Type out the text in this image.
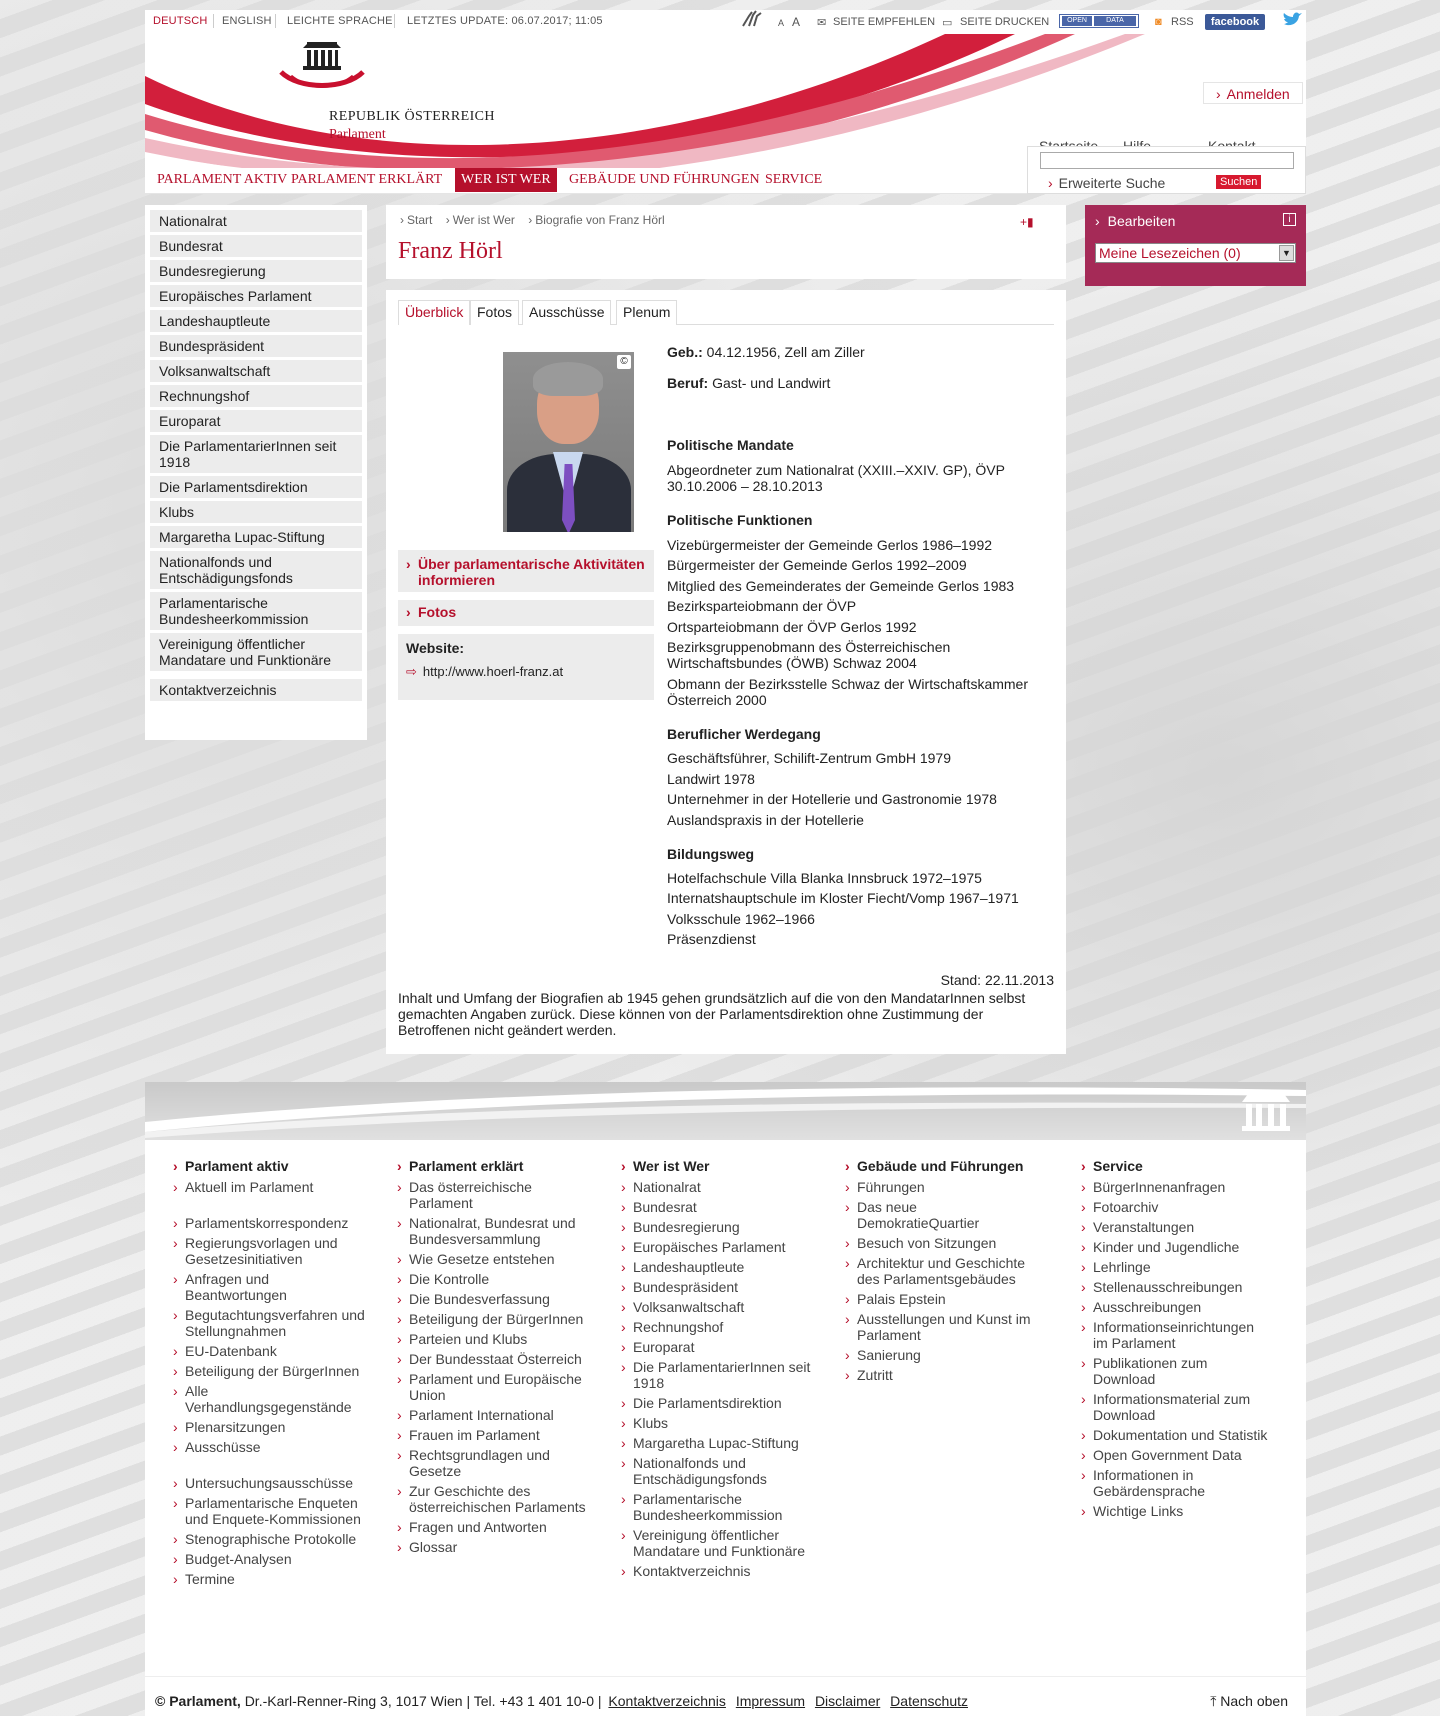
DEUTSCH ENGLISH LEICHTE SPRACHE LETZTES UPDATE: 06.07.2017; 11:05	A A ✉ SEITE EMPFEHLEN ▭ SEITE DRUCKEN	OPEN	DATA	◙ RSS	facebook
REPUBLIK ÖSTERREICH
Parlament
› Anmelden
PARLAMENT AKTIV PARLAMENT ERKLÄRT	WER IST WER	GEBÄUDE UND FÜHRUNGEN SERVICE	› Erweiterte Suche	Suchen
Nationalrat
Bundesrat
Bundesregierung
Europäisches Parlament
Landeshauptleute
Bundespräsident
Volksanwaltschaft
Rechnungshof
Europarat
Die ParlamentarierInnen seit 1918
Die Parlamentsdirektion
Klubs
Margaretha Lupac-Stiftung
Nationalfonds und Entschädigungsfonds
Parlamentarische Bundesheerkommission
Vereinigung öffentlicher Mandatare und Funktionäre
Kontaktverzeichnis
› Start › Wer ist Wer › Biografie von Franz Hörl	+▮
Franz Hörl
Überblick Fotos	Ausschüsse	Plenum
©
› Über parlamentarische Aktivitäten informieren
› Fotos
Website:
⇨ http://www.hoerl-franz.at
Geb.: 04.12.1956, Zell am Ziller
Beruf: Gast- und Landwirt
Politische Mandate
Abgeordneter zum Nationalrat (XXIII.–XXIV. GP), ÖVP 30.10.2006 – 28.10.2013
Politische Funktionen
Vizebürgermeister der Gemeinde Gerlos 1986–1992
Bürgermeister der Gemeinde Gerlos 1992–2009
Mitglied des Gemeinderates der Gemeinde Gerlos 1983
Bezirksparteiobmann der ÖVP
Ortsparteiobmann der ÖVP Gerlos 1992
Bezirksgruppenobmann des Österreichischen Wirtschaftsbundes (ÖWB) Schwaz 2004
Obmann der Bezirksstelle Schwaz der Wirtschaftskammer Österreich 2000
Beruflicher Werdegang
Geschäftsführer, Schilift-Zentrum GmbH 1979
Landwirt 1978
Unternehmer in der Hotellerie und Gastronomie 1978
Auslandspraxis in der Hotellerie
Bildungsweg
Hotelfachschule Villa Blanka Innsbruck 1972–1975
Internatshauptschule im Kloster Fiecht/Vomp 1967–1971
Volksschule 1962–1966
Präsenzdienst
Stand: 22.11.2013
Inhalt und Umfang der Biografien ab 1945 gehen grundsätzlich auf die von den MandatarInnen selbst gemachten Angaben zurück. Diese können von der Parlamentsdirektion ohne Zustimmung der Betroffenen nicht geändert werden.
› Bearbeiten	i
Meine Lesezeichen (0)	▼
› Parlament aktiv
› Aktuell im Parlament
› Parlamentskorrespondenz
› Regierungsvorlagen und Gesetzesinitiativen
› Anfragen und Beantwortungen
› Begutachtungsverfahren und Stellungnahmen
› EU-Datenbank
› Beteiligung der BürgerInnen
› Alle Verhandlungsgegenstände
› Plenarsitzungen
› Ausschüsse
› Untersuchungsausschüsse
› Parlamentarische Enqueten und Enquete-Kommissionen
› Stenographische Protokolle
› Budget-Analysen
› Termine
› Parlament erklärt
› Das österreichische Parlament
› Nationalrat, Bundesrat und Bundesversammlung
› Wie Gesetze entstehen
› Die Kontrolle
› Die Bundesverfassung
› Beteiligung der BürgerInnen
› Parteien und Klubs
› Der Bundesstaat Österreich
› Parlament und Europäische Union
› Parlament International
› Frauen im Parlament
› Rechtsgrundlagen und Gesetze
› Zur Geschichte des österreichischen Parlaments
› Fragen und Antworten
› Glossar
› Wer ist Wer
› Nationalrat
› Bundesrat
› Bundesregierung
› Europäisches Parlament
› Landeshauptleute
› Bundespräsident
› Volksanwaltschaft
› Rechnungshof
› Europarat
› Die ParlamentarierInnen seit 1918
› Die Parlamentsdirektion
› Klubs
› Margaretha Lupac-Stiftung
› Nationalfonds und Entschädigungsfonds
› Parlamentarische Bundesheerkommission
› Vereinigung öffentlicher Mandatare und Funktionäre
› Kontaktverzeichnis
› Gebäude und Führungen
› Führungen
› Das neue DemokratieQuartier
› Besuch von Sitzungen
› Architektur und Geschichte des Parlamentsgebäudes
› Palais Epstein
› Ausstellungen und Kunst im Parlament
› Sanierung
› Zutritt
› Service
› BürgerInnenanfragen
› Fotoarchiv
› Veranstaltungen
› Kinder und Jugendliche
› Lehrlinge
› Stellenausschreibungen
› Ausschreibungen
› Informationseinrichtungen im Parlament
› Publikationen zum Download
› Informationsmaterial zum Download
› Dokumentation und Statistik
› Open Government Data
› Informationen in Gebärdensprache
› Wichtige Links
© Parlament, Dr.-Karl-Renner-Ring 3, 1017 Wien | Tel. +43 1 401 10-0 | Kontaktverzeichnis Impressum Disclaimer Datenschutz	⤒ Nach oben
